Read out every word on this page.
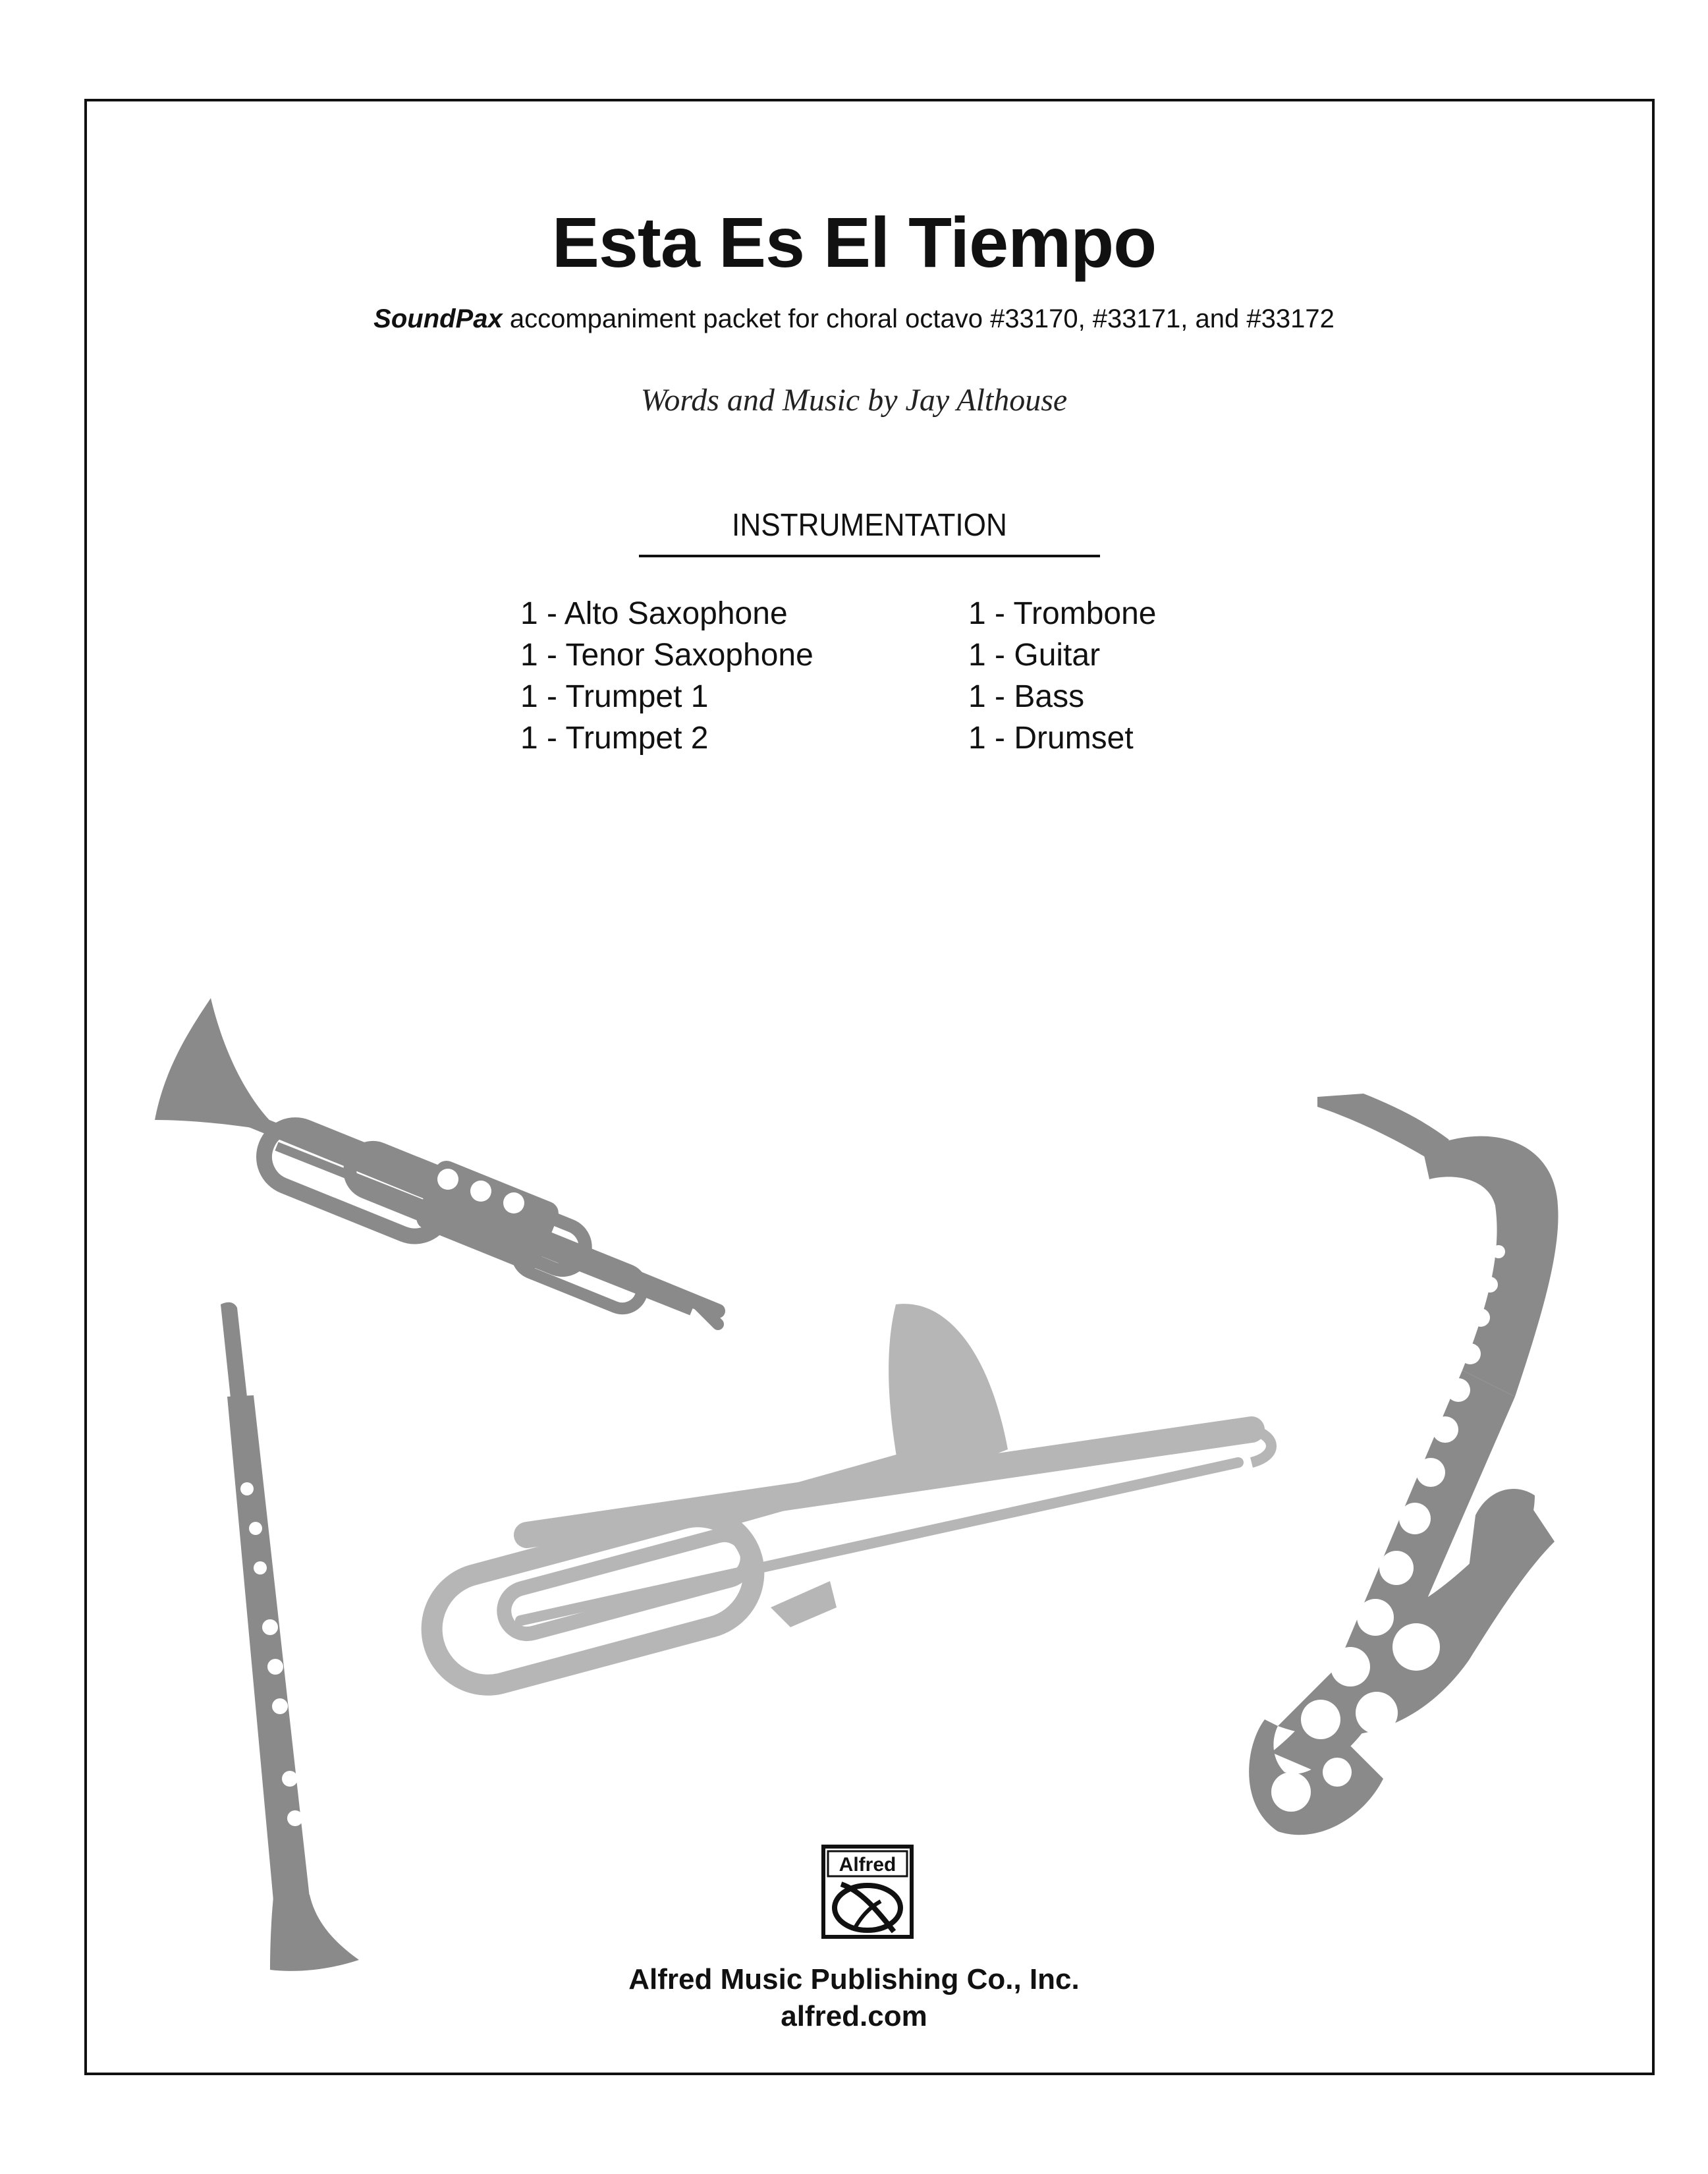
Esta Es El Tiempo
SoundPax accompaniment packet for choral octavo #33170, #33171, and #33172
Words and Music by Jay Althouse
INSTRUMENTATION
1 - Alto Saxophone
1 - Tenor Saxophone
1 - Trumpet 1
1 - Trumpet 2
1 - Trombone
1 - Guitar
1 - Bass
1 - Drumset
Alfred
Alfred Music Publishing Co., Inc.
alfred.com
